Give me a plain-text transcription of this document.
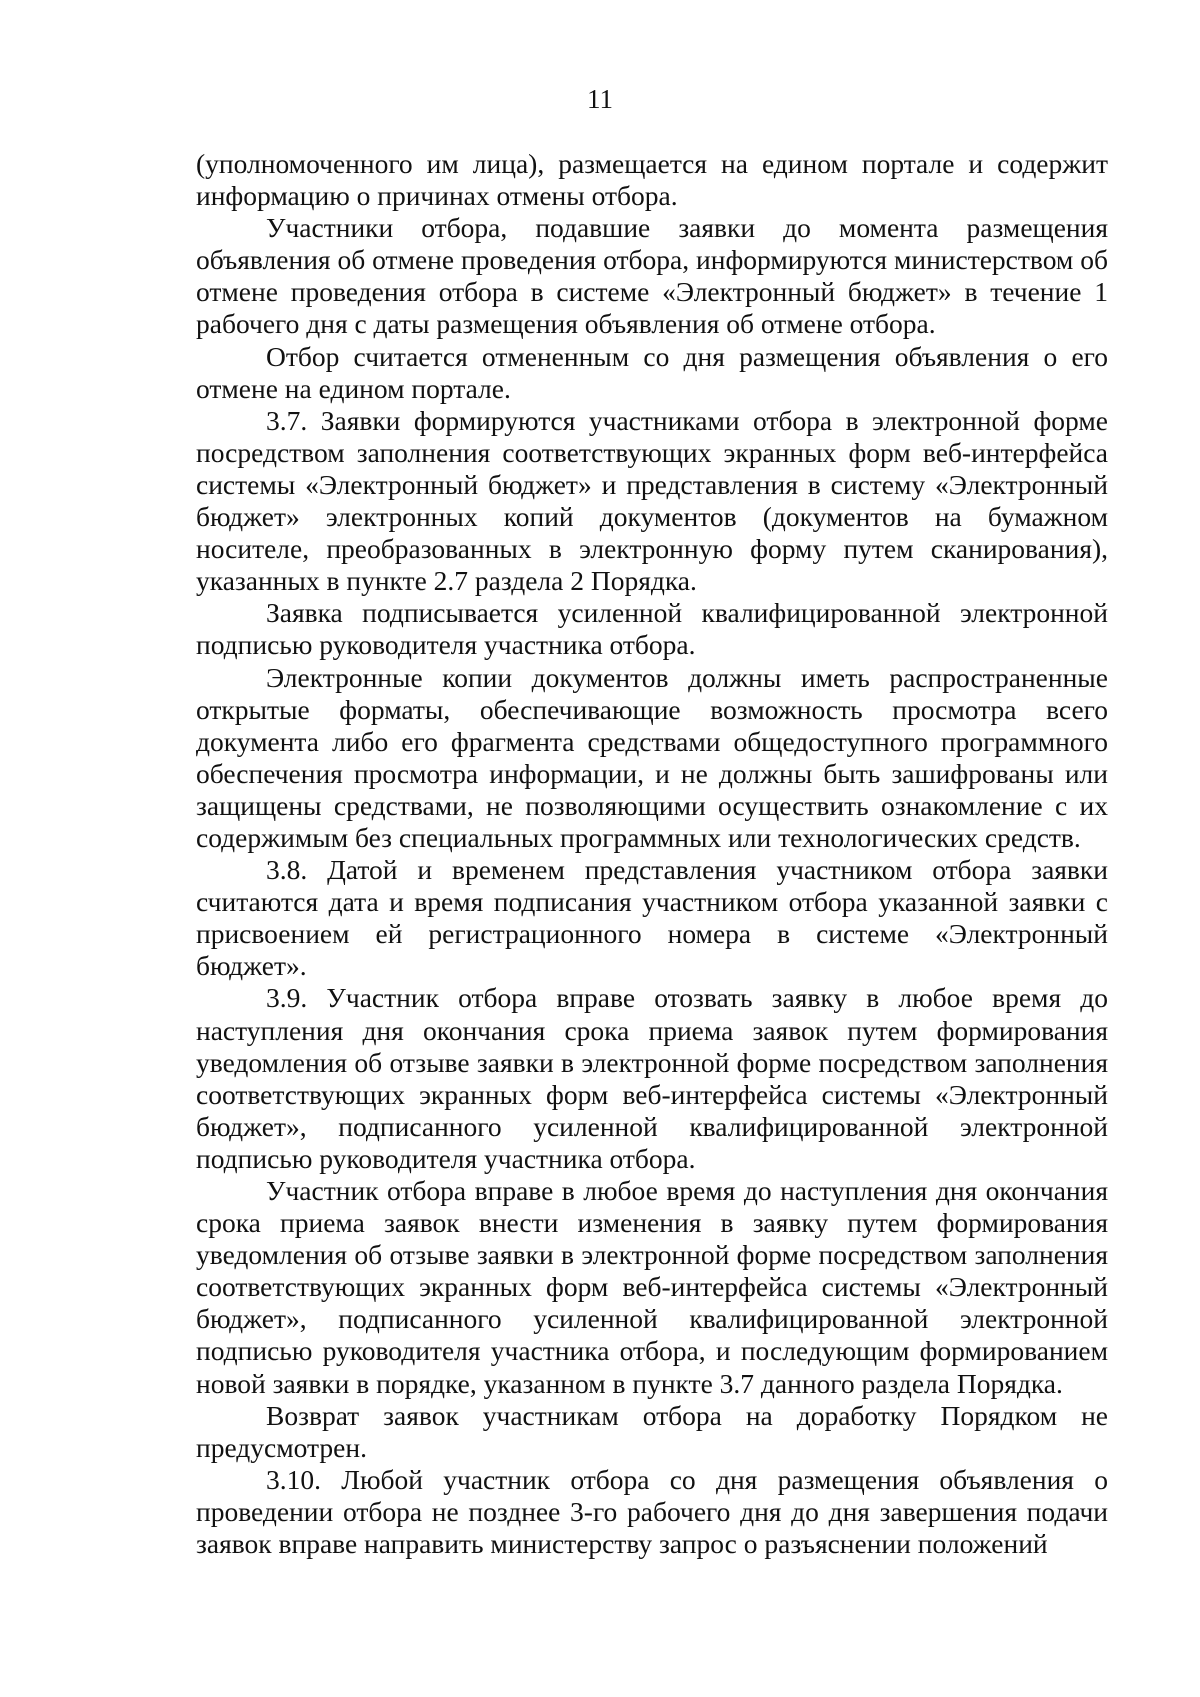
11

(уполномоченного им лица), размещается на едином портале и содержит информацию о причинах отмены отбора.

Участники отбора, подавшие заявки до момента размещения объявления об отмене проведения отбора, информируются министерством об отмене проведения отбора в системе «Электронный бюджет» в течение 1 рабочего дня с даты размещения объявления об отмене отбора.

Отбор считается отмененным со дня размещения объявления о его отмене на едином портале.

3.7. Заявки формируются участниками отбора в электронной форме посредством заполнения соответствующих экранных форм веб-интерфейса системы «Электронный бюджет» и представления в систему «Электронный бюджет» электронных копий документов (документов на бумажном носителе, преобразованных в электронную форму путем сканирования), указанных в пункте 2.7 раздела 2 Порядка.

Заявка подписывается усиленной квалифицированной электронной подписью руководителя участника отбора.

Электронные копии документов должны иметь распространенные открытые форматы, обеспечивающие возможность просмотра всего документа либо его фрагмента средствами общедоступного программного обеспечения просмотра информации, и не должны быть зашифрованы или защищены средствами, не позволяющими осуществить ознакомление с их содержимым без специальных программных или технологических средств.

3.8. Датой и временем представления участником отбора заявки считаются дата и время подписания участником отбора указанной заявки с присвоением ей регистрационного номера в системе «Электронный бюджет».

3.9. Участник отбора вправе отозвать заявку в любое время до наступления дня окончания срока приема заявок путем формирования уведомления об отзыве заявки в электронной форме посредством заполнения соответствующих экранных форм веб-интерфейса системы «Электронный бюджет», подписанного усиленной квалифицированной электронной подписью руководителя участника отбора.

Участник отбора вправе в любое время до наступления дня окончания срока приема заявок внести изменения в заявку путем формирования уведомления об отзыве заявки в электронной форме посредством заполнения соответствующих экранных форм веб-интерфейса системы «Электронный бюджет», подписанного усиленной квалифицированной электронной подписью руководителя участника отбора, и последующим формированием новой заявки в порядке, указанном в пункте 3.7 данного раздела Порядка.

Возврат заявок участникам отбора на доработку Порядком не предусмотрен.

3.10. Любой участник отбора со дня размещения объявления о проведении отбора не позднее 3-го рабочего дня до дня завершения подачи заявок вправе направить министерству запрос о разъяснении положений
